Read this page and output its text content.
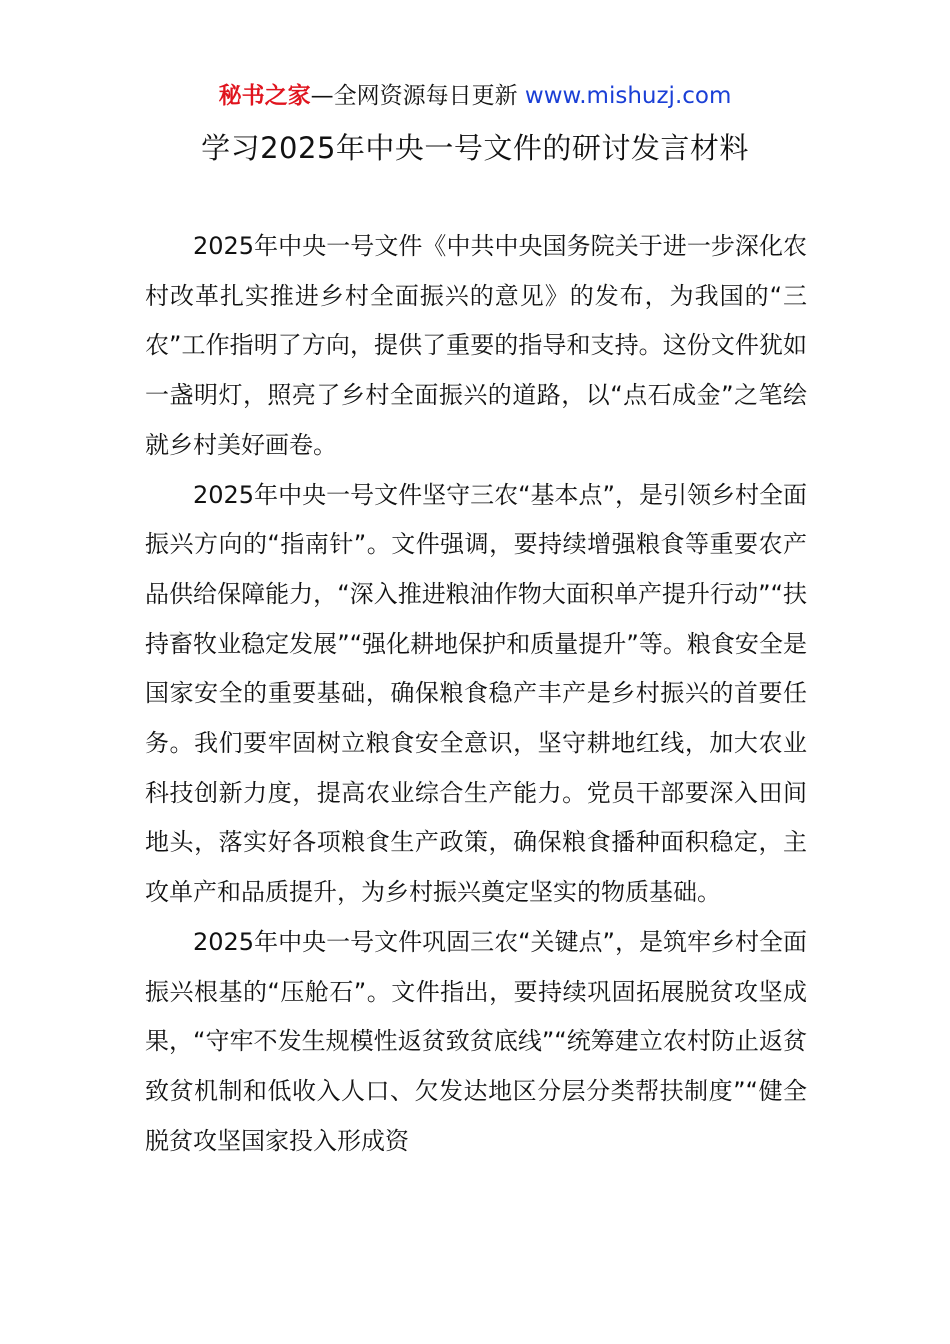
秘书之家—全网资源每日更新 www.mishuzj.com
学习2025年中央一号文件的研讨发言材料

2025年中央一号文件《中共中央国务院关于进一步深化农村改革扎实推进乡村全面振兴的意见》的发布，为我国的“三农”工作指明了方向，提供了重要的指导和支持。这份文件犹如一盏明灯，照亮了乡村全面振兴的道路，以“点石成金”之笔绘就乡村美好画卷。

2025年中央一号文件坚守三农“基本点”，是引领乡村全面振兴方向的“指南针”。文件强调，要持续增强粮食等重要农产品供给保障能力，“深入推进粮油作物大面积单产提升行动”“扶持畜牧业稳定发展”“强化耕地保护和质量提升”等。粮食安全是国家安全的重要基础，确保粮食稳产丰产是乡村振兴的首要任务。我们要牢固树立粮食安全意识，坚守耕地红线，加大农业科技创新力度，提高农业综合生产能力。党员干部要深入田间地头，落实好各项粮食生产政策，确保粮食播种面积稳定，主攻单产和品质提升，为乡村振兴奠定坚实的物质基础。

2025年中央一号文件巩固三农“关键点”，是筑牢乡村全面振兴根基的“压舱石”。文件指出，要持续巩固拓展脱贫攻坚成果，“守牢不发生规模性返贫致贫底线”“统筹建立农村防止返贫致贫机制和低收入人口、欠发达地区分层分类帮扶制度”“健全脱贫攻坚国家投入形成资
